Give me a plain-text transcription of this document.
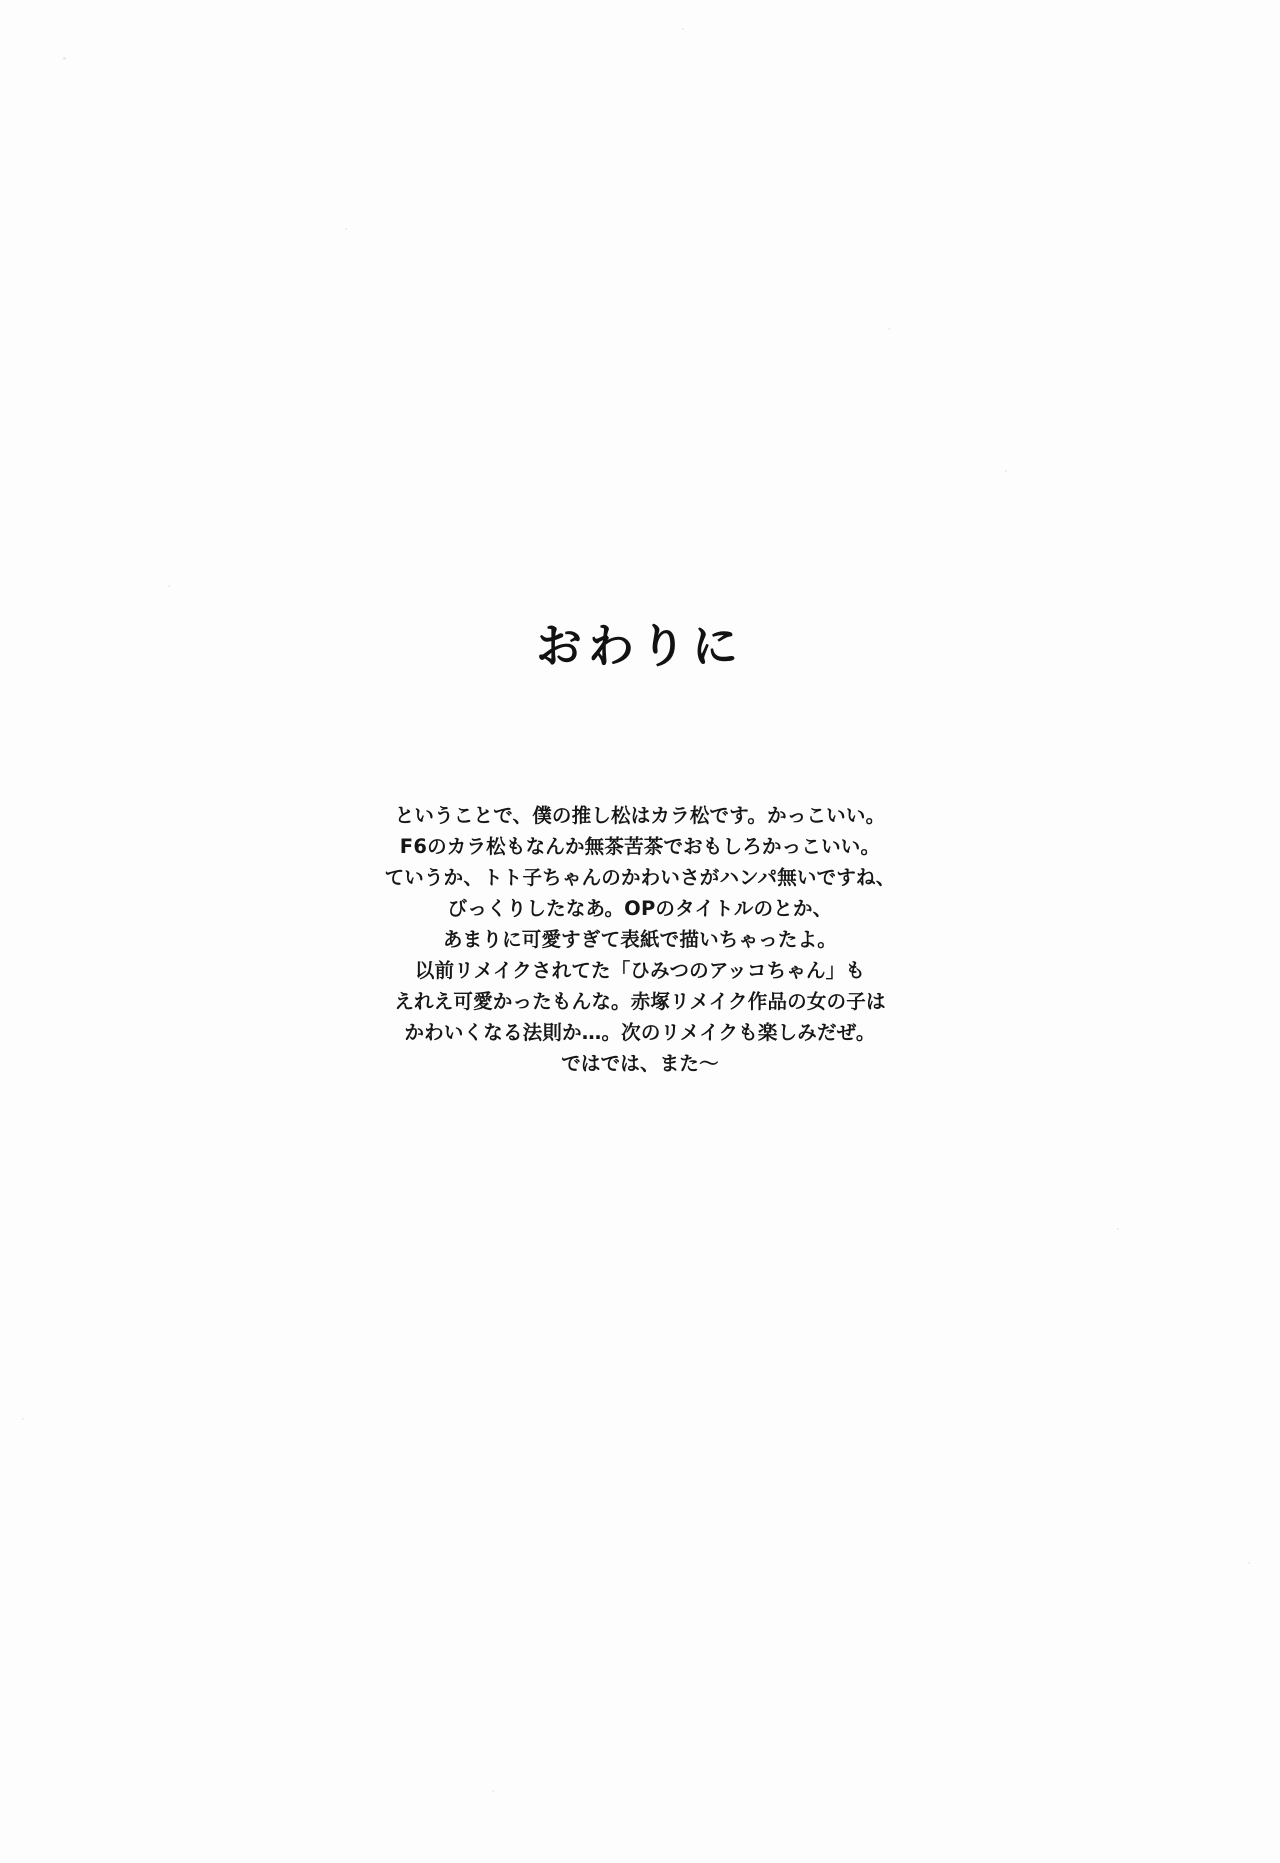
おわりに
ということで、僕の推し松はカラ松です。かっこいい。
F6のカラ松もなんか無茶苦茶でおもしろかっこいい。
ていうか、トト子ちゃんのかわいさがハンパ無いですね、
びっくりしたなあ。OPのタイトルのとか、
あまりに可愛すぎて表紙で描いちゃったよ。
以前リメイクされてた「ひみつのアッコちゃん」も
えれえ可愛かったもんな。赤塚リメイク作品の女の子は
かわいくなる法則か…。次のリメイクも楽しみだぜ。
ではでは、また〜
